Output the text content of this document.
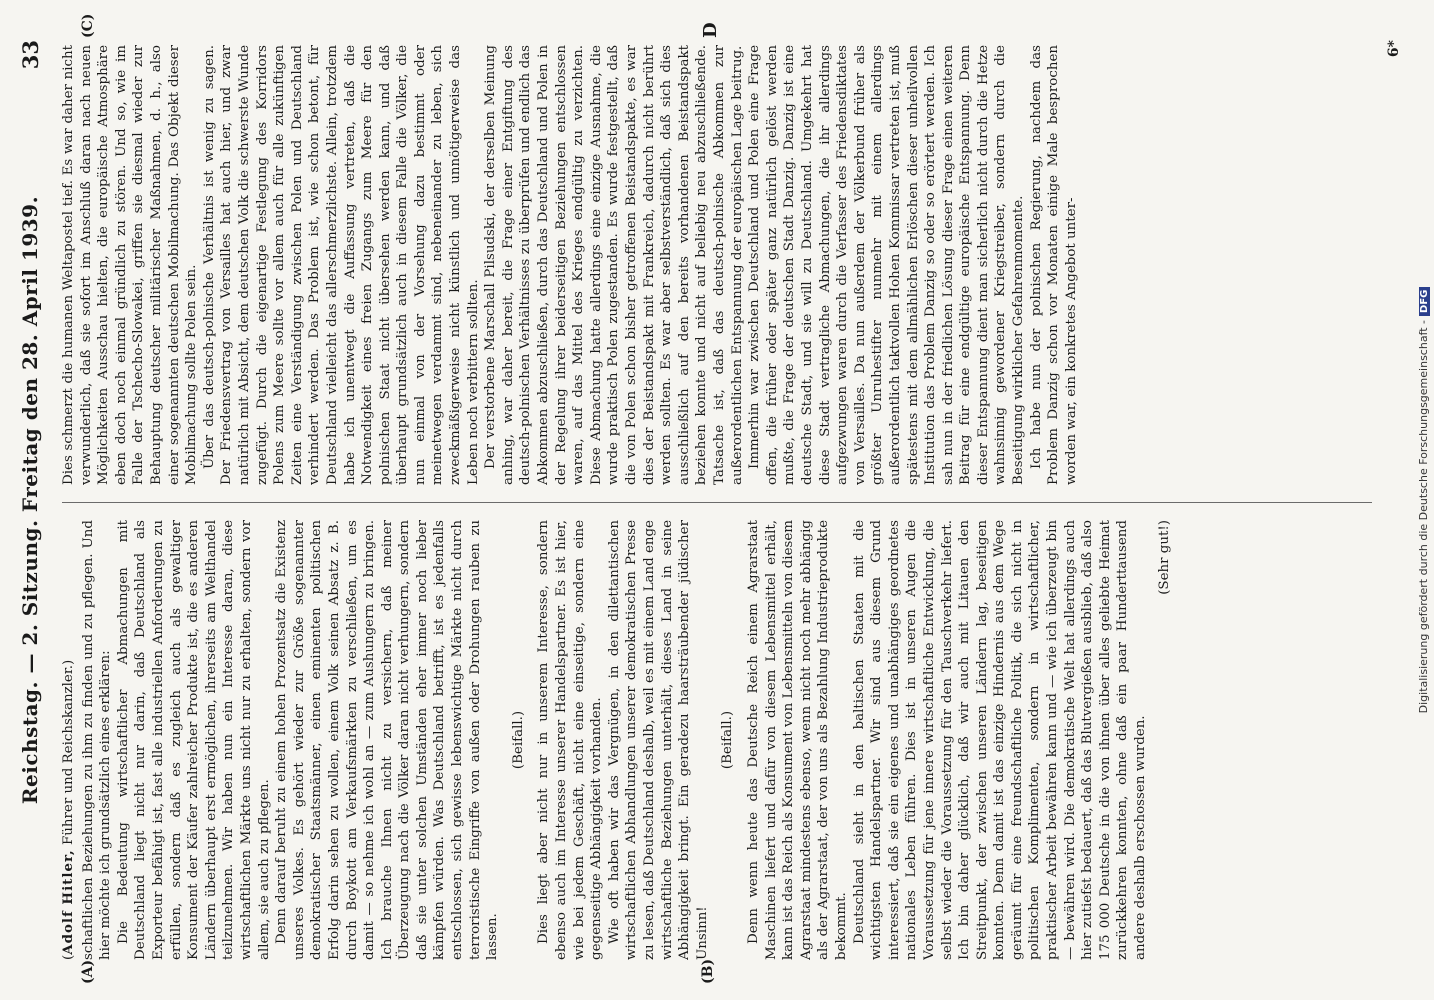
Reichstag. — 2. Sitzung. Freitag den 28. April 1939.
33
(A)	(B)
(C)	D
(Adolf Hitler, Führer und Reichskanzler.) schaftlichen Beziehungen zu ihm zu finden und zu pflegen. Und hier möchte ich grundsätzlich eines erklären: Die Bedeutung wirtschaftlicher Abmachungen mit Deutschland liegt nicht nur darin, daß Deutschland als Exporteur befähigt ist, fast alle industriellen Anforderungen zu erfüllen, sondern daß es zugleich auch als gewaltiger Konsument der Käufer zahlreicher Produkte ist, die es anderen Ländern überhaupt erst ermöglichen, ihrerseits am Welthandel teilzunehmen. Wir haben nun ein Interesse daran, diese wirtschaftlichen Märkte uns nicht nur zu erhalten, sondern vor allem, sie auch zu pflegen. Denn darauf beruht zu einem hohen Prozentsatz die Existenz unseres Volkes. Es gehört wieder zur Größe sogenannter demokratischer Staatsmänner, einen eminenten politischen Erfolg darin sehen zu wollen, einem Volk seinen Absatz z. B. durch Boykott am Verkaufsmärkten zu verschließen, um es damit — so nehme ich wohl an — zum Aushungern zu bringen. Ich brauche Ihnen nicht zu versichern, daß meiner Überzeugung nach die Völker daran nicht verhungern, sondern daß sie unter solchen Umständen eher immer noch lieber kämpfen würden. Was Deutschland betrifft, ist es jedenfalls entschlossen, sich gewisse lebenswichtige Märkte nicht durch terroristische Eingriffe von außen oder Drohungen rauben zu lassen.

(Beifall.) Dies liegt aber nicht nur in unserem Interesse, sondern ebenso auch im Interesse unserer Handelspartner. Es ist hier, wie bei jedem Geschäft, nicht eine einseitige, sondern eine gegenseitige Abhängigkeit vorhanden. Wie oft haben wir das Vergnügen, in den dilettantischen wirtschaftlichen Abhandlungen unserer demokratischen Presse zu lesen, daß Deutschland deshalb, weil es mit einem Land enge wirtschaftliche Beziehungen unterhält, dieses Land in seine Abhängigkeit bringt. Ein geradezu haarsträubender jüdischer Unsinn!

(Beifall.) Denn wenn heute das Deutsche Reich einem Agrarstaat Maschinen liefert und dafür von diesem Lebensmittel erhält, kann ist das Reich als Konsument von Lebensmitteln von diesem Agrarstaat mindestens ebenso, wenn nicht noch mehr abhängig als der Agrarstaat, der von uns als Bezahlung Industrieprodukte bekommt. Deutschland sieht in den baltischen Staaten mit die wichtigsten Handelspartner. Wir sind aus diesem Grund interessiert, daß sie ein eigenes und unabhängiges geordnetes nationales Leben führen. Dies ist in unseren Augen die Voraussetzung für jene innere wirtschaftliche Entwicklung, die selbst wieder die Voraussetzung für den Tauschverkehr liefert. Ich bin daher glücklich, daß wir auch mit Litauen den Streitpunkt, der zwischen unseren Ländern lag, beseitigen konnten. Denn damit ist das einzige Hindernis aus dem Wege geräumt für eine freundschaftliche Politik, die sich nicht in politischen Komplimenten, sondern in wirtschaftlicher, praktischer Arbeit bewähren kann und — wie ich überzeugt bin — bewähren wird. Die demokratische Welt hat allerdings auch hier zutiefst bedauert, daß das Blutvergießen ausblieb, daß also 175 000 Deutsche in die von ihnen über alles geliebte Heimat zurückkehren konnten, ohne daß ein paar Hunderttausend andere deshalb erschossen wurden.

(Sehr gut!)

Dies schmerzt die humanen Weltapostel tief. Es war daher nicht verwunderlich, daß sie sofort im Anschluß daran nach neuen Möglichkeiten Ausschau hielten, die europäische Atmosphäre eben doch noch einmal gründlich zu stören. Und so, wie im Falle der Tschecho-Slowakei, griffen sie diesmal wieder zur Behauptung deutscher militärischer Maßnahmen, d. h., also einer sogenannten deutschen Mobilmachung. Das Objekt dieser Mobilmachung sollte Polen sein. Über das deutsch-polnische Verhältnis ist wenig zu sagen. Der Friedensvertrag von Versailles hat auch hier, und zwar natürlich mit Absicht, dem deutschen Volk die schwerste Wunde zugefügt. Durch die eigenartige Festlegung des Korridors Polens zum Meere sollte vor allem auch für alle zukünftigen Zeiten eine Verständigung zwischen Polen und Deutschland verhindert werden. Das Problem ist, wie schon betont, für Deutschland vielleicht das allerschmerzlichste. Allein, trotzdem habe ich unentwegt die Auffassung vertreten, daß die Notwendigkeit eines freien Zugangs zum Meere für den polnischen Staat nicht übersehen werden kann, und daß überhaupt grundsätzlich auch in diesem Falle die Völker, die nun einmal von der Vorsehung dazu bestimmt oder meinetwegen verdammt sind, nebeneinander zu leben, sich zweckmäßigerweise nicht künstlich und unnötigerweise das Leben noch verbittern sollten. Der verstorbene Marschall Pilsudski, der derselben Meinung anhing, war daher bereit, die Frage einer Entgiftung des deutsch-polnischen Verhältnisses zu überprüfen und endlich das Abkommen abzuschließen, durch das Deutschland und Polen in der Regelung ihrer beiderseitigen Beziehungen entschlossen waren, auf das Mittel des Krieges endgültig zu verzichten. Diese Abmachung hatte allerdings eine einzige Ausnahme, die wurde praktisch Polen zugestanden. Es wurde festgestellt, daß die von Polen schon bisher getroffenen Beistandspakte, es war dies der Beistandspakt mit Frankreich, dadurch nicht berührt werden sollten. Es war aber selbstverständlich, daß sich dies ausschließlich auf den bereits vorhandenen Beistandspakt beziehen konnte und nicht auf beliebig neu abzuschließende. Tatsache ist, daß das deutsch-polnische Abkommen zur außerordentlichen Entspannung der europäischen Lage beitrug. Immerhin war zwischen Deutschland und Polen eine Frage offen, die früher oder später ganz natürlich gelöst werden mußte, die Frage der deutschen Stadt Danzig. Danzig ist eine deutsche Stadt, und sie will zu Deutschland. Umgekehrt hat diese Stadt vertragliche Abmachungen, die ihr allerdings aufgezwungen waren durch die Verfasser des Friedensdiktates von Versailles. Da nun außerdem der Völkerbund früher als größter Unruhestifter nunmehr mit einem allerdings außerordentlich taktvollen Hohen Kommissar vertreten ist, muß spätestens mit dem allmählichen Erlöschen dieser unheilvollen Institution das Problem Danzig so oder so erörtert werden. Ich sah nun in der friedlichen Lösung dieser Frage einen weiteren Beitrag für eine endgültige europäische Entspannung. Denn dieser Entspannung dient man sicherlich nicht durch die Hetze wahnsinnig gewordener Kriegstreiber, sondern durch die Beseitigung wirklicher Gefahrenmomente. Ich habe nun der polnischen Regierung, nachdem das Problem Danzig schon vor Monaten einige Male besprochen worden war, ein konkretes Angebot unter-

6*
Digitalisierung gefördert durch die Deutsche Forschungsgemeinschaft -DFG
